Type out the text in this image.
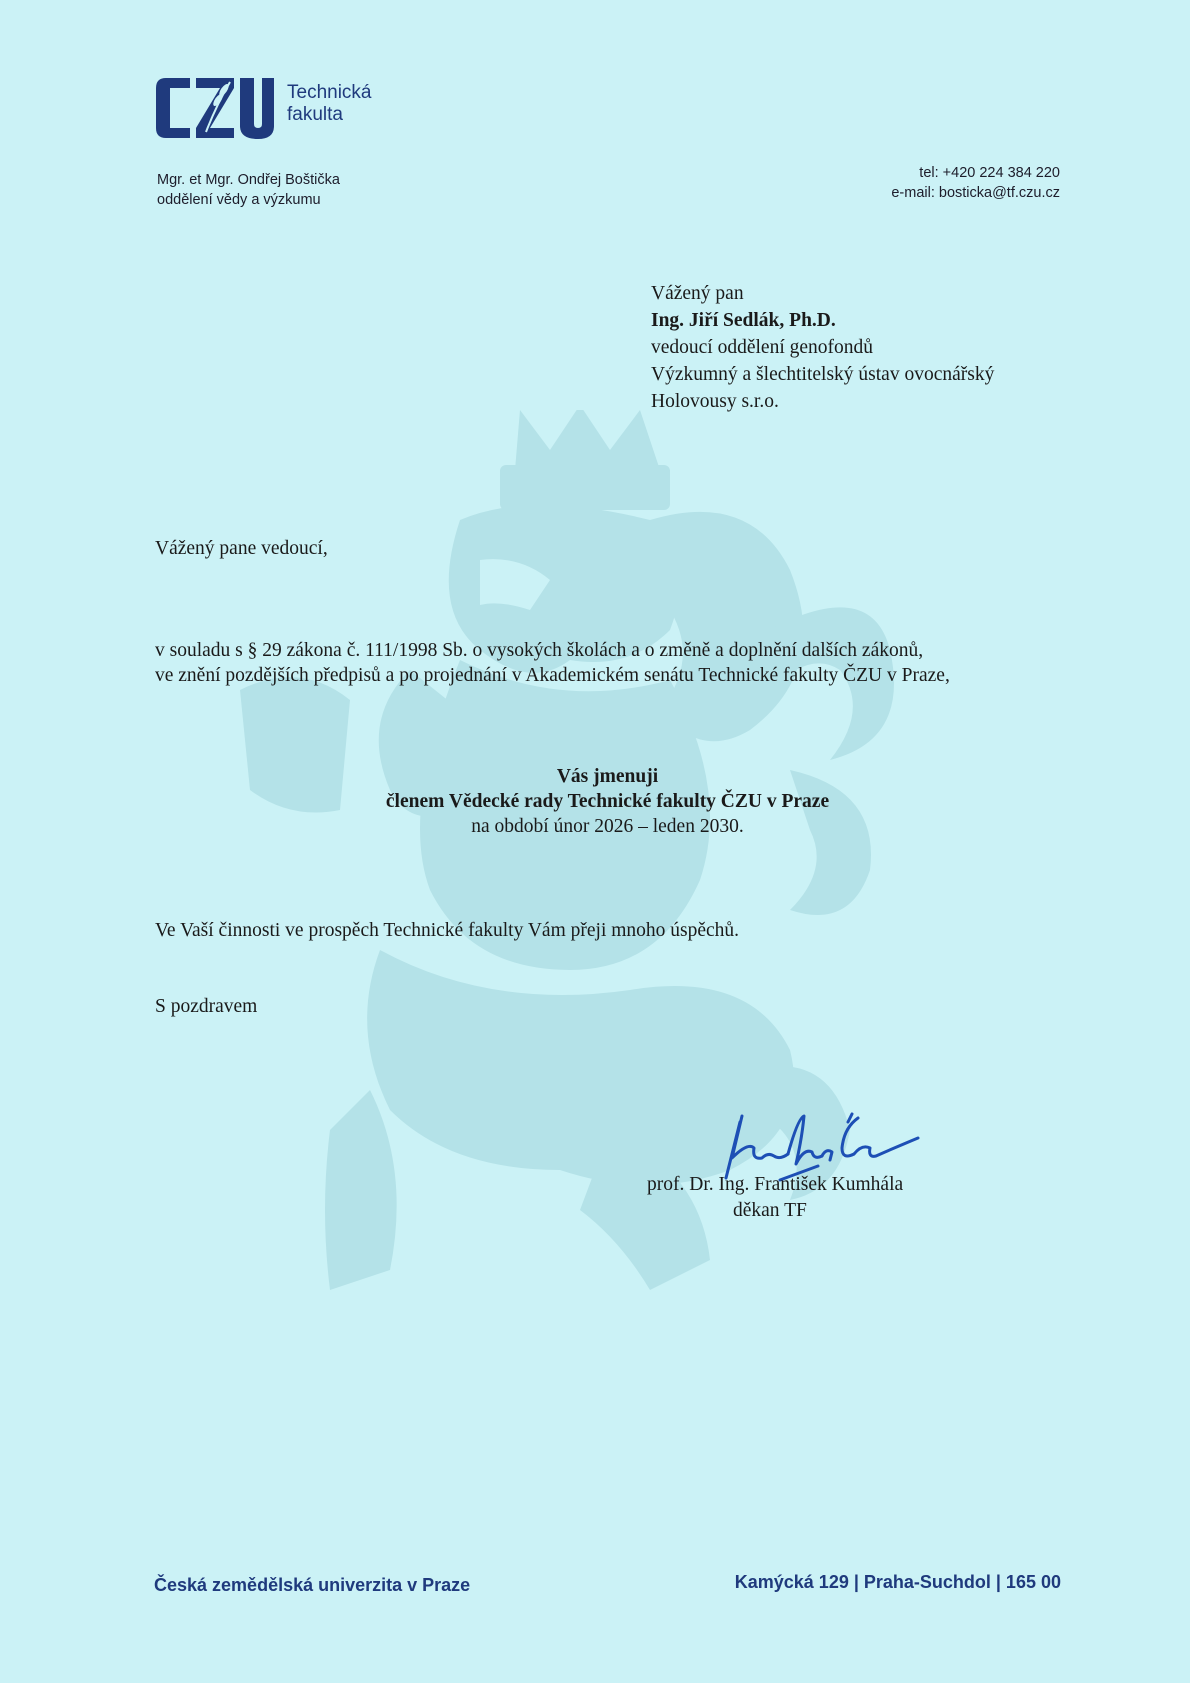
Technická
fakulta
Mgr. et Mgr. Ondřej Boštička
oddělení vědy a výzkumu
tel: +420 224 384 220
e-mail: bosticka@tf.czu.cz
Vážený pan
Ing. Jiří Sedlák, Ph.D.
vedoucí oddělení genofondů
Výzkumný a šlechtitelský ústav ovocnářský
Holovousy s.r.o.
Vážený pane vedoucí,
v souladu s § 29 zákona č. 111/1998 Sb. o vysokých školách a o změně a doplnění dalších zákonů,
ve znění pozdějších předpisů a po projednání v Akademickém senátu Technické fakulty ČZU v Praze,
Vás jmenuji
členem Vědecké rady Technické fakulty ČZU v Praze
na období únor 2026 – leden 2030.
Ve Vaší činnosti ve prospěch Technické fakulty Vám přeji mnoho úspěchů.
S pozdravem
prof. Dr. Ing. František Kumhála
děkan TF
Česká zemědělská univerzita v Praze	Kamýcká 129 | Praha-Suchdol | 165 00
